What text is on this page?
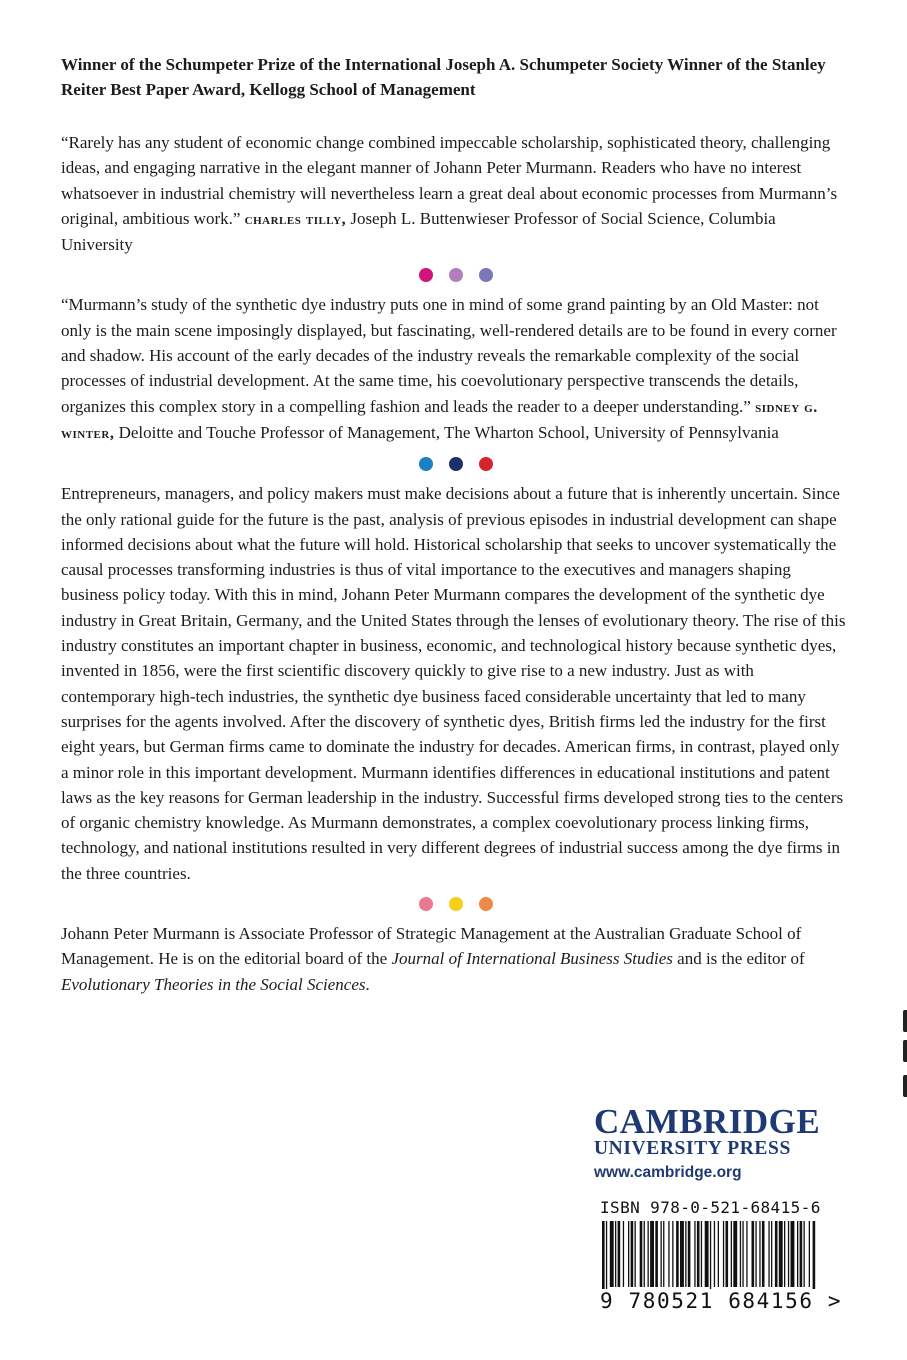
Winner of the Schumpeter Prize of the International Joseph A. Schumpeter Society Winner of the Stanley Reiter Best Paper Award, Kellogg School of Management

“Rarely has any student of economic change combined impeccable scholarship, sophisticated theory, challenging ideas, and engaging narrative in the elegant manner of Johann Peter Murmann. Readers who have no interest whatsoever in industrial chemistry will nevertheless learn a great deal about economic processes from Murmann’s original, ambitious work.” charles tilly, Joseph L. Buttenwieser Professor of Social Science, Columbia University

“Murmann’s study of the synthetic dye industry puts one in mind of some grand painting by an Old Master: not only is the main scene imposingly displayed, but fascinating, well-rendered details are to be found in every corner and shadow. His account of the early decades of the industry reveals the remarkable complexity of the social processes of industrial development. At the same time, his coevolutionary perspective transcends the details, organizes this complex story in a compelling fashion and leads the reader to a deeper understanding.” sidney g. winter, Deloitte and Touche Professor of Management, The Wharton School, University of Pennsylvania

Entrepreneurs, managers, and policy makers must make decisions about a future that is inherently uncertain. Since the only rational guide for the future is the past, analysis of previous episodes in industrial development can shape informed decisions about what the future will hold. Historical scholarship that seeks to uncover systematically the causal processes transforming industries is thus of vital importance to the executives and managers shaping business policy today. With this in mind, Johann Peter Murmann compares the development of the synthetic dye industry in Great Britain, Germany, and the United States through the lenses of evolutionary theory. The rise of this industry constitutes an important chapter in business, economic, and technological history because synthetic dyes, invented in 1856, were the first scientific discovery quickly to give rise to a new industry. Just as with contemporary high-tech industries, the synthetic dye business faced considerable uncertainty that led to many surprises for the agents involved. After the discovery of synthetic dyes, British firms led the industry for the first eight years, but German firms came to dominate the industry for decades. American firms, in contrast, played only a minor role in this important development. Murmann identifies differences in educational institutions and patent laws as the key reasons for German leadership in the industry. Successful firms developed strong ties to the centers of organic chemistry knowledge. As Murmann demonstrates, a complex coevolutionary process linking firms, technology, and national institutions resulted in very different degrees of industrial success among the dye firms in the three countries.

Johann Peter Murmann is Associate Professor of Strategic Management at the Australian Graduate School of Management. He is on the editorial board of the Journal of International Business Studies and is the editor of Evolutionary Theories in the Social Sciences.

CAMBRIDGE
UNIVERSITY PRESS
www.cambridge.org
ISBN 978-0-521-68415-6
9 780521 684156 >
